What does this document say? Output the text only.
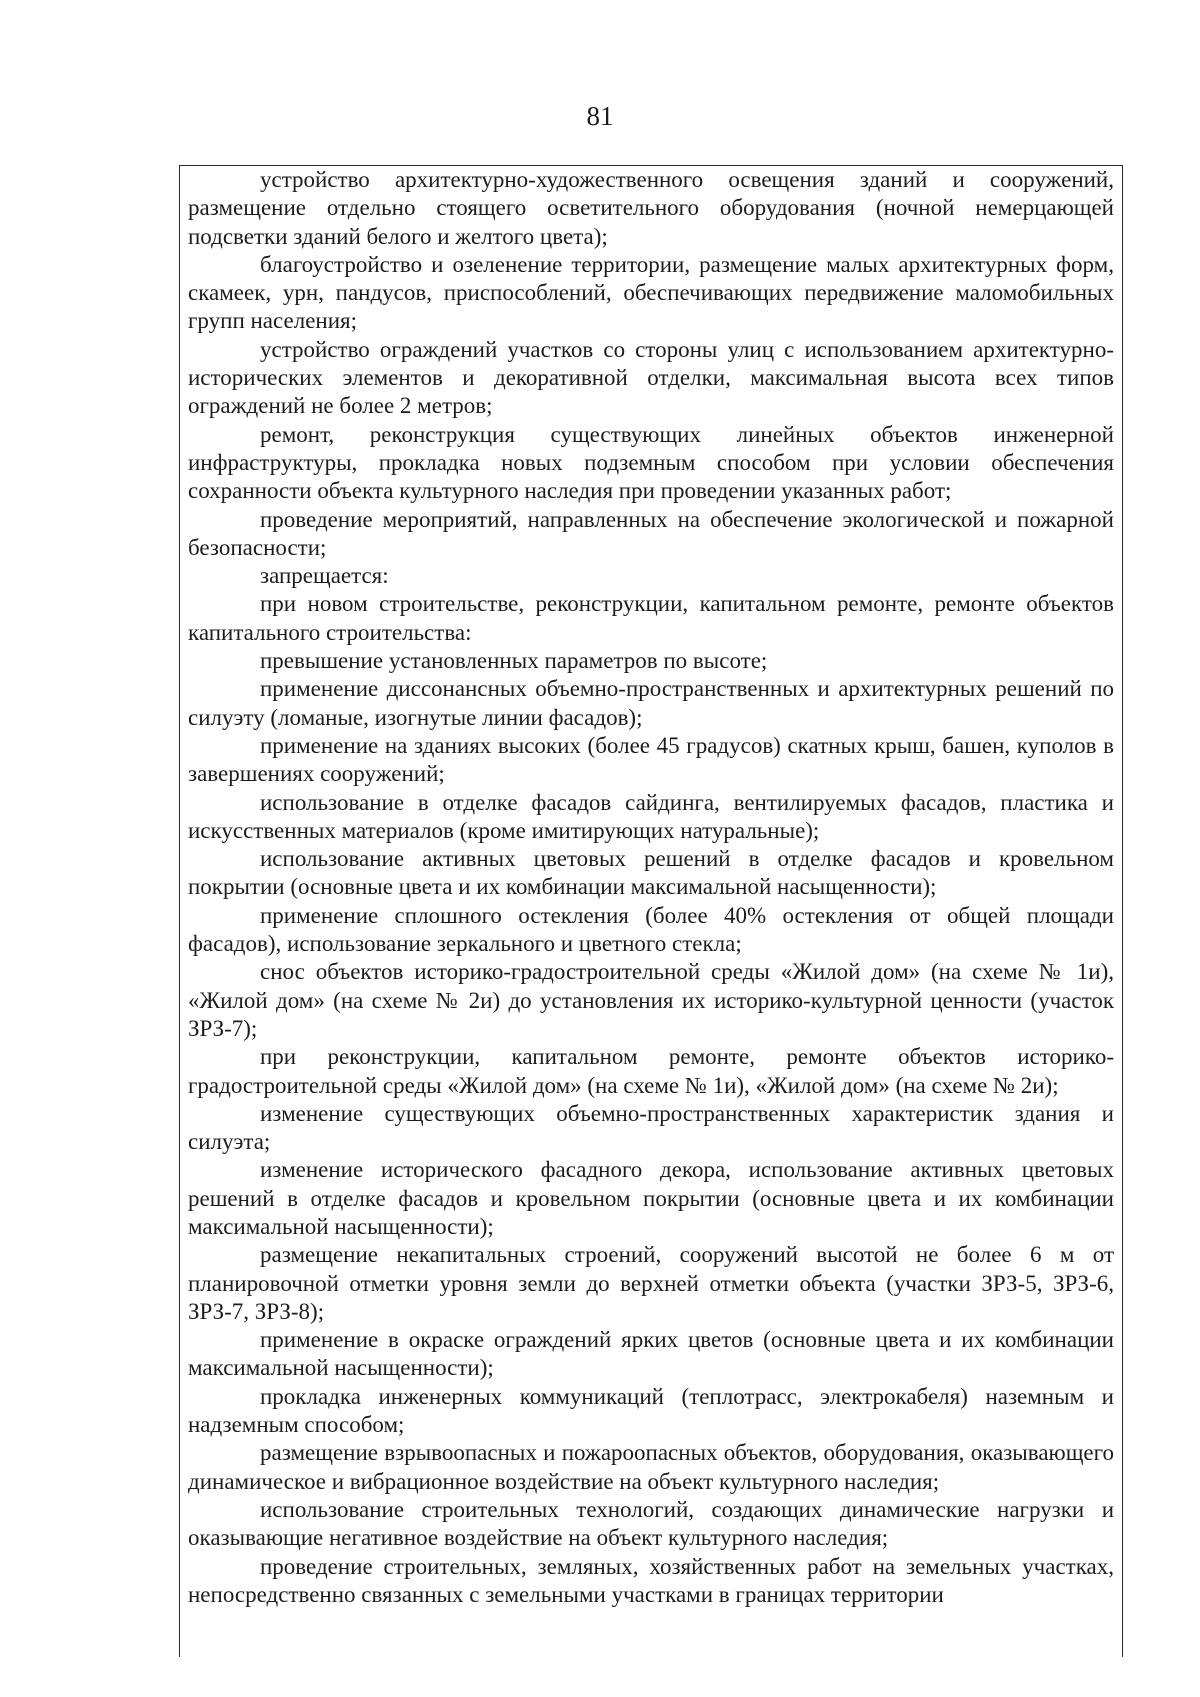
81

устройство архитектурно-художественного освещения зданий и сооружений, размещение отдельно стоящего осветительного оборудования (ночной немерцающей подсветки зданий белого и желтого цвета);

благоустройство и озеленение территории, размещение малых архитектурных форм, скамеек, урн, пандусов, приспособлений, обеспечивающих передвижение маломобильных групп населения;

устройство ограждений участков со стороны улиц с использованием архитектурно-исторических элементов и декоративной отделки, максимальная высота всех типов ограждений не более 2 метров;

ремонт, реконструкция существующих линейных объектов инженерной инфраструктуры, прокладка новых подземным способом при условии обеспечения сохранности объекта культурного наследия при проведении указанных работ;

проведение мероприятий, направленных на обеспечение экологической и пожарной безопасности;

запрещается:

при новом строительстве, реконструкции, капитальном ремонте, ремонте объектов капитального строительства:

превышение установленных параметров по высоте;

применение диссонансных объемно-пространственных и архитектурных решений по силуэту (ломаные, изогнутые линии фасадов);

применение на зданиях высоких (более 45 градусов) скатных крыш, башен, куполов в завершениях сооружений;

использование в отделке фасадов сайдинга, вентилируемых фасадов, пластика и искусственных материалов (кроме имитирующих натуральные);

использование активных цветовых решений в отделке фасадов и кровельном покрытии (основные цвета и их комбинации максимальной насыщенности);

применение сплошного остекления (более 40% остекления от общей площади фасадов), использование зеркального и цветного стекла;

снос объектов историко-градостроительной среды «Жилой дом» (на схеме № 1и), «Жилой дом» (на схеме № 2и) до установления их историко-культурной ценности (участок ЗРЗ-7);

при реконструкции, капитальном ремонте, ремонте объектов историко-градостроительной среды «Жилой дом» (на схеме № 1и), «Жилой дом» (на схеме № 2и);

изменение существующих объемно-пространственных характеристик здания и силуэта;

изменение исторического фасадного декора, использование активных цветовых решений в отделке фасадов и кровельном покрытии (основные цвета и их комбинации максимальной насыщенности);

размещение некапитальных строений, сооружений высотой не более 6 м от планировочной отметки уровня земли до верхней отметки объекта (участки ЗРЗ-5, ЗРЗ-6, ЗРЗ-7, ЗРЗ-8);

применение в окраске ограждений ярких цветов (основные цвета и их комбинации максимальной насыщенности);

прокладка инженерных коммуникаций (теплотрасс, электрокабеля) наземным и надземным способом;

размещение взрывоопасных и пожароопасных объектов, оборудования, оказывающего динамическое и вибрационное воздействие на объект культурного наследия;

использование строительных технологий, создающих динамические нагрузки и оказывающие негативное воздействие на объект культурного наследия;

проведение строительных, земляных, хозяйственных работ на земельных участках, непосредственно связанных с земельными участками в границах территории
